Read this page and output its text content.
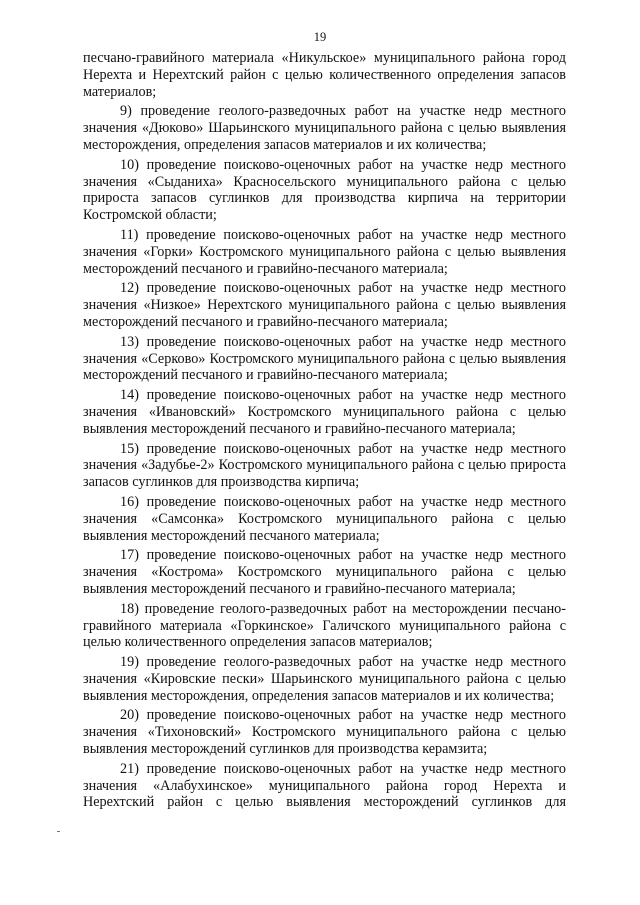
19

песчано-гравийного материала «Никульское» муниципального района город Нерехта и Нерехтский район с целью количественного определения запасов материалов;

9) проведение геолого-разведочных работ на участке недр местного значения «Дюково» Шарьинского муниципального района с целью выявления месторождения, определения запасов материалов и их количества;

10) проведение поисково-оценочных работ на участке недр местного значения «Сыданиха» Красносельского муниципального района с целью прироста запасов суглинков для производства кирпича на территории Костромской области;

11) проведение поисково-оценочных работ на участке недр местного значения «Горки» Костромского муниципального района с целью выявления месторождений песчаного и гравийно-песчаного материала;

12) проведение поисково-оценочных работ на участке недр местного значения «Низкое» Нерехтского муниципального района с целью выявления месторождений песчаного и гравийно-песчаного материала;

13) проведение поисково-оценочных работ на участке недр местного значения «Серково» Костромского муниципального района с целью выявления месторождений песчаного и гравийно-песчаного материала;

14) проведение поисково-оценочных работ на участке недр местного значения «Ивановский» Костромского муниципального района с целью выявления месторождений песчаного и гравийно-песчаного материала;

15) проведение поисково-оценочных работ на участке недр местного значения «Задубье-2» Костромского муниципального района с целью прироста запасов суглинков для производства кирпича;

16) проведение поисково-оценочных работ на участке недр местного значения «Самсонка» Костромского муниципального района с целью выявления месторождений песчаного материала;

17) проведение поисково-оценочных работ на участке недр местного значения «Кострома» Костромского муниципального района с целью выявления месторождений песчаного и гравийно-песчаного материала;

18) проведение геолого-разведочных работ на месторождении песчано-гравийного материала «Горкинское» Галичского муниципального района с целью количественного определения запасов материалов;

19) проведение геолого-разведочных работ на участке недр местного значения «Кировские пески» Шарьинского муниципального района с целью выявления месторождения, определения запасов материалов и их количества;

20) проведение поисково-оценочных работ на участке недр местного значения «Тихоновский» Костромского муниципального района с целью выявления месторождений суглинков для производства керамзита;

21) проведение поисково-оценочных работ на участке недр местного значения «Алабухинское» муниципального района город Нерехта и Нерехтский район с целью выявления месторождений суглинков для
